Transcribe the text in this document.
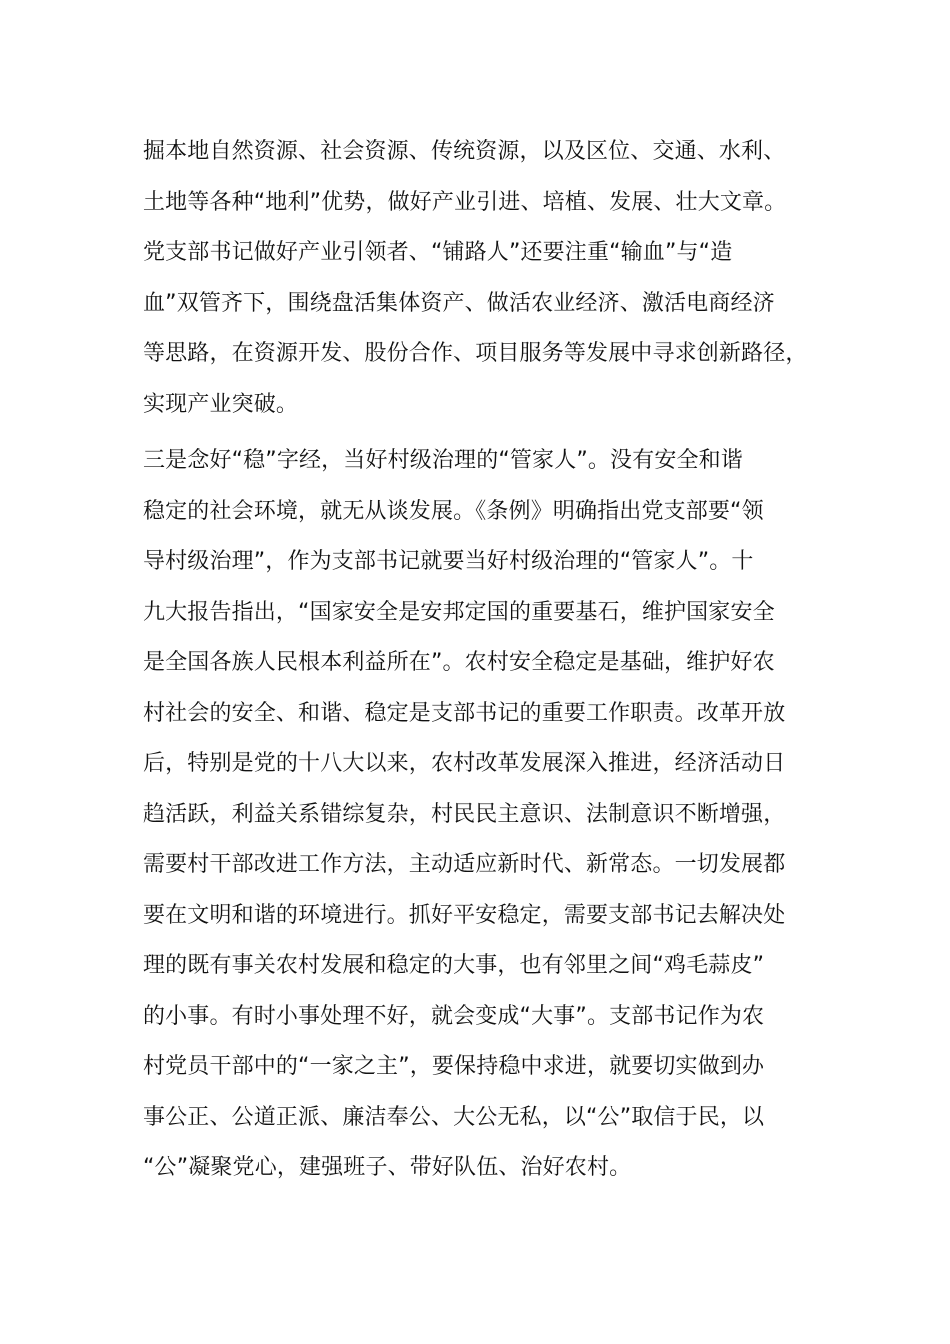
掘本地自然资源、社会资源、传统资源，以及区位、交通、水利、
土地等各种“地利”优势，做好产业引进、培植、发展、壮大文章。
党支部书记做好产业引领者、“铺路人”还要注重“输血”与“造
血”双管齐下，围绕盘活集体资产、做活农业经济、激活电商经济
等思路，在资源开发、股份合作、项目服务等发展中寻求创新路径，
实现产业突破。
三是念好“稳”字经，当好村级治理的“管家人”。没有安全和谐
稳定的社会环境，就无从谈发展。《条例》明确指出党支部要“领
导村级治理”，作为支部书记就要当好村级治理的“管家人”。十
九大报告指出，“国家安全是安邦定国的重要基石，维护国家安全
是全国各族人民根本利益所在”。农村安全稳定是基础，维护好农
村社会的安全、和谐、稳定是支部书记的重要工作职责。改革开放
后，特别是党的十八大以来，农村改革发展深入推进，经济活动日
趋活跃，利益关系错综复杂，村民民主意识、法制意识不断增强，
需要村干部改进工作方法，主动适应新时代、新常态。一切发展都
要在文明和谐的环境进行。抓好平安稳定，需要支部书记去解决处
理的既有事关农村发展和稳定的大事，也有邻里之间“鸡毛蒜皮”
的小事。有时小事处理不好，就会变成“大事”。支部书记作为农
村党员干部中的“一家之主”，要保持稳中求进，就要切实做到办
事公正、公道正派、廉洁奉公、大公无私，以“公”取信于民，以
“公”凝聚党心，建强班子、带好队伍、治好农村。
